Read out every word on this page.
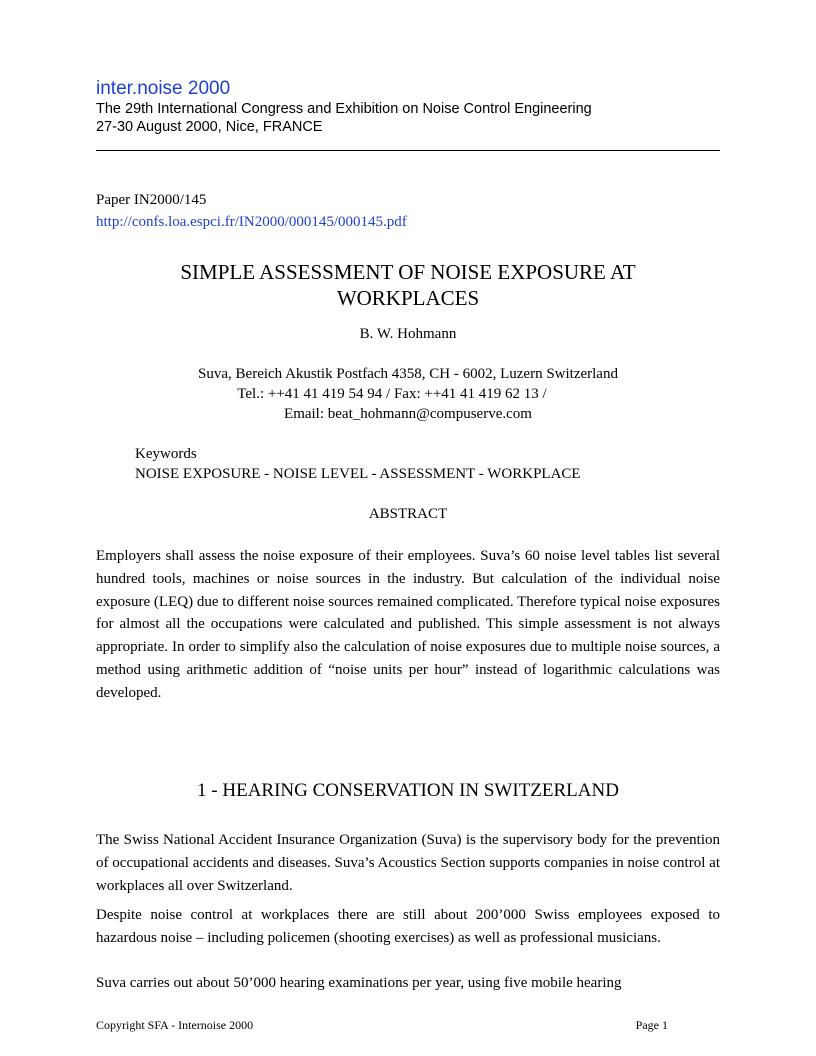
inter.noise 2000
The 29th International Congress and Exhibition on Noise Control Engineering
27-30 August 2000, Nice, FRANCE
Paper IN2000/145
http://confs.loa.espci.fr/IN2000/000145/000145.pdf
SIMPLE ASSESSMENT OF NOISE EXPOSURE AT
WORKPLACES
B. W. Hohmann
Suva, Bereich Akustik Postfach 4358, CH - 6002, Luzern Switzerland
Tel.: ++41 41 419 54 94 / Fax: ++41 41 419 62 13 /
Email: beat_hohmann@compuserve.com
Keywords
NOISE EXPOSURE - NOISE LEVEL - ASSESSMENT - WORKPLACE
ABSTRACT
Employers shall assess the noise exposure of their employees. Suva’s 60 noise level tables list several hundred tools, machines or noise sources in the industry. But calculation of the individual noise exposure (LEQ) due to different noise sources remained complicated. Therefore typical noise exposures for almost all the occupations were calculated and published. This simple assessment is not always appropriate. In order to simplify also the calculation of noise exposures due to multiple noise sources, a method using arithmetic addition of “noise units per hour” instead of logarithmic calculations was developed.
1 - HEARING CONSERVATION IN SWITZERLAND
The Swiss National Accident Insurance Organization (Suva) is the supervisory body for the prevention of occupational accidents and diseases. Suva’s Acoustics Section supports companies in noise control at workplaces all over Switzerland.
Despite noise control at workplaces there are still about 200’000 Swiss employees exposed to hazardous noise – including policemen (shooting exercises) as well as professional musicians.
Suva carries out about 50’000 hearing examinations per year, using five mobile hearing
Copyright SFA - Internoise 2000	Page 1
